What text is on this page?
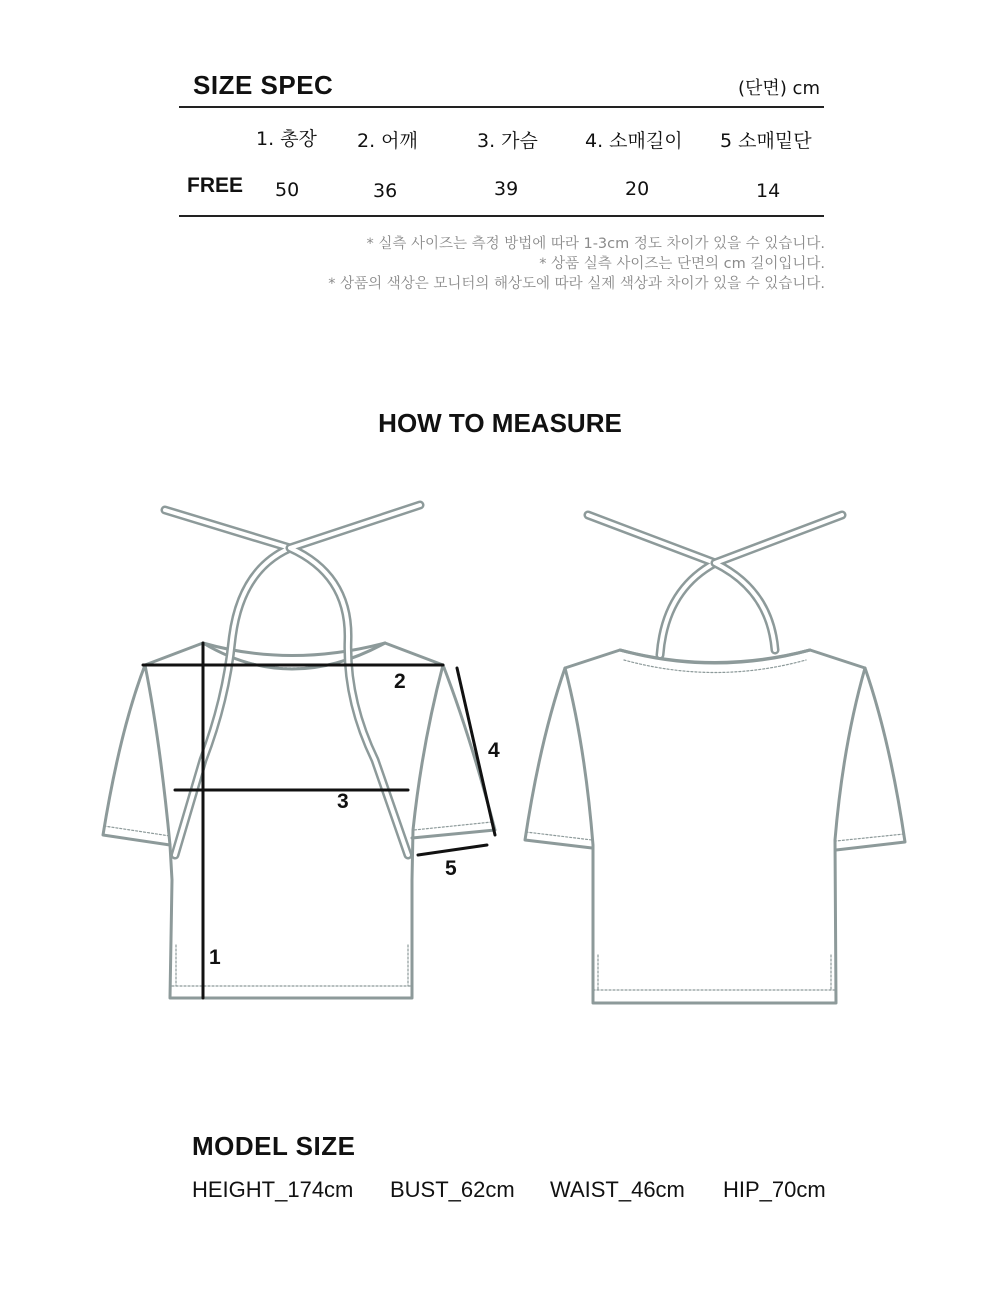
SIZE SPEC	(단면) cm
1. 총장 2. 어깨	3. 가슴 4. 소매길이 5 소매밑단
FREE 50	36	39	20	14
* 실측 사이즈는 측정 방법에 따라 1-3cm 정도 차이가 있을 수 있습니다.
* 상품 실측 사이즈는 단면의 cm 길이입니다.
* 상품의 색상은 모니터의 해상도에 따라 실제 색상과 차이가 있을 수 있습니다.
HOW TO MEASURE
1
2
3
4
5
MODEL SIZE
HEIGHT_174cm BUST_62cm WAIST_46cm HIP_70cm
